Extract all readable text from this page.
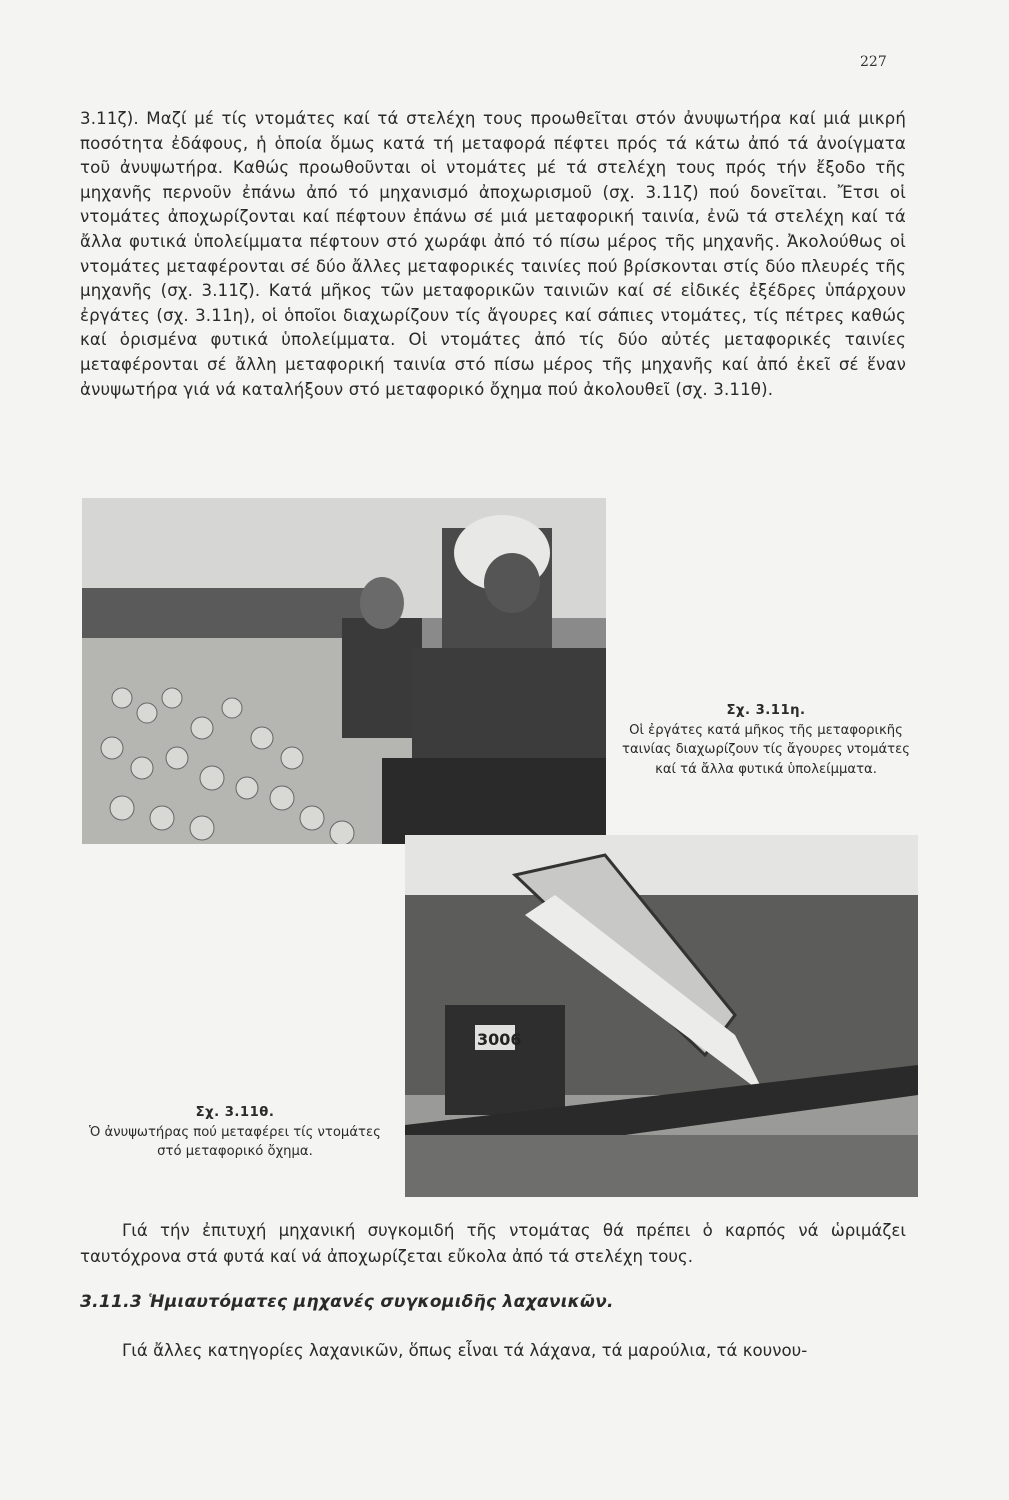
227

3.11ζ). Μαζί μέ τίς ντομάτες καί τά στελέχη τους προωθεῖται στόν ἀνυψωτήρα καί μιά μικρή ποσότητα ἐδάφους, ἡ ὁποία ὅμως κατά τή μεταφορά πέφτει πρός τά κάτω ἀπό τά ἀνοίγματα τοῦ ἀνυψωτήρα. Καθώς προωθοῦνται οἱ ντομάτες μέ τά στελέχη τους πρός τήν ἔξοδο τῆς μηχανῆς περνοῦν ἐπάνω ἀπό τό μηχανισμό ἀποχωρισμοῦ (σχ. 3.11ζ) πού δονεῖται. Ἔτσι οἱ ντομάτες ἀποχωρίζονται καί πέφτουν ἐπάνω σέ μιά μεταφορική ταινία, ἐνῶ τά στελέχη καί τά ἄλλα φυτικά ὑπολείμματα πέφτουν στό χωράφι ἀπό τό πίσω μέρος τῆς μηχανῆς. Ἀκολούθως οἱ ντομάτες μεταφέρονται σέ δύο ἄλλες μεταφορικές ταινίες πού βρίσκονται στίς δύο πλευρές τῆς μηχανῆς (σχ. 3.11ζ). Κατά μῆκος τῶν μεταφορικῶν ταινιῶν καί σέ εἰδικές ἐξέδρες ὑπάρχουν ἐργάτες (σχ. 3.11η), οἱ ὁποῖοι διαχωρίζουν τίς ἄγουρες καί σάπιες ντομάτες, τίς πέτρες καθώς καί ὁρισμένα φυτικά ὑπολείμματα. Οἱ ντομάτες ἀπό τίς δύο αὐτές μεταφορικές ταινίες μεταφέρονται σέ ἄλλη μεταφορική ταινία στό πίσω μέρος τῆς μηχανῆς καί ἀπό ἐκεῖ σέ ἕναν ἀνυψωτήρα γιά νά καταλήξουν στό μεταφορικό ὄχημα πού ἀκολουθεῖ (σχ. 3.11θ).

Σχ. 3.11η.
Οἱ ἐργάτες κατά μῆκος τῆς μεταφορικῆς ταινίας διαχωρίζουν τίς ἄγουρες ντομάτες καί τά ἄλλα φυτικά ὑπολείμματα.
3006
Σχ. 3.11θ.
Ὁ ἀνυψωτήρας πού μεταφέρει τίς ντομάτες στό μεταφορικό ὄχημα.

Γιά τήν ἐπιτυχή μηχανική συγκομιδή τῆς ντομάτας θά πρέπει ὁ καρπός νά ὡριμάζει ταυτόχρονα στά φυτά καί νά ἀποχωρίζεται εὔκολα ἀπό τά στελέχη τους.

3.11.3 Ἡμιαυτόματες μηχανές συγκομιδῆς λαχανικῶν.

Γιά ἄλλες κατηγορίες λαχανικῶν, ὅπως εἶναι τά λάχανα, τά μαρούλια, τά κουνου-
